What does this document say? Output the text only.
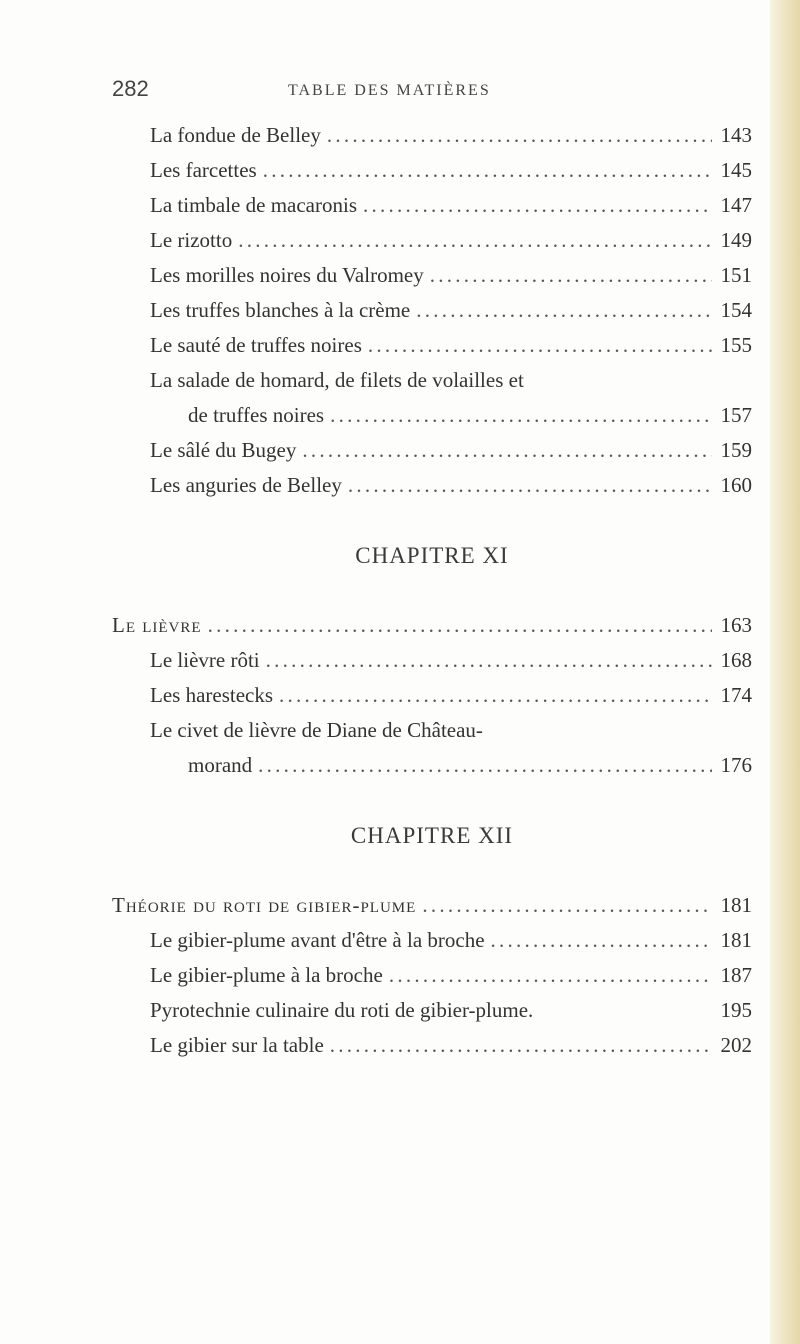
282	TABLE DES MATIÈRES
La fondue de Belley . . .	143
Les farcettes . . .	145
La timbale de macaronis . . .	147
Le rizotto . . .	149
Les morilles noires du Valromey . . .	151
Les truffes blanches à la crème . . .	154
Le sauté de truffes noires . . .	155
La salade de homard, de filets de volailles et
de truffes noires . . .	157
Le sâlé du Bugey . . .	159
Les anguries de Belley . . .	160
CHAPITRE XI
Le lièvre . . .	163
Le lièvre rôti . . .	168
Les harestecks . . .	174
Le civet de lièvre de Diane de Château-
morand . . .	176
CHAPITRE XII
Théorie du roti de gibier-plume . . .	181
Le gibier-plume avant d'être à la broche . . .	181
Le gibier-plume à la broche . . .	187
Pyrotechnie culinaire du roti de gibier-plume.	195
Le gibier sur la table . . .	202
